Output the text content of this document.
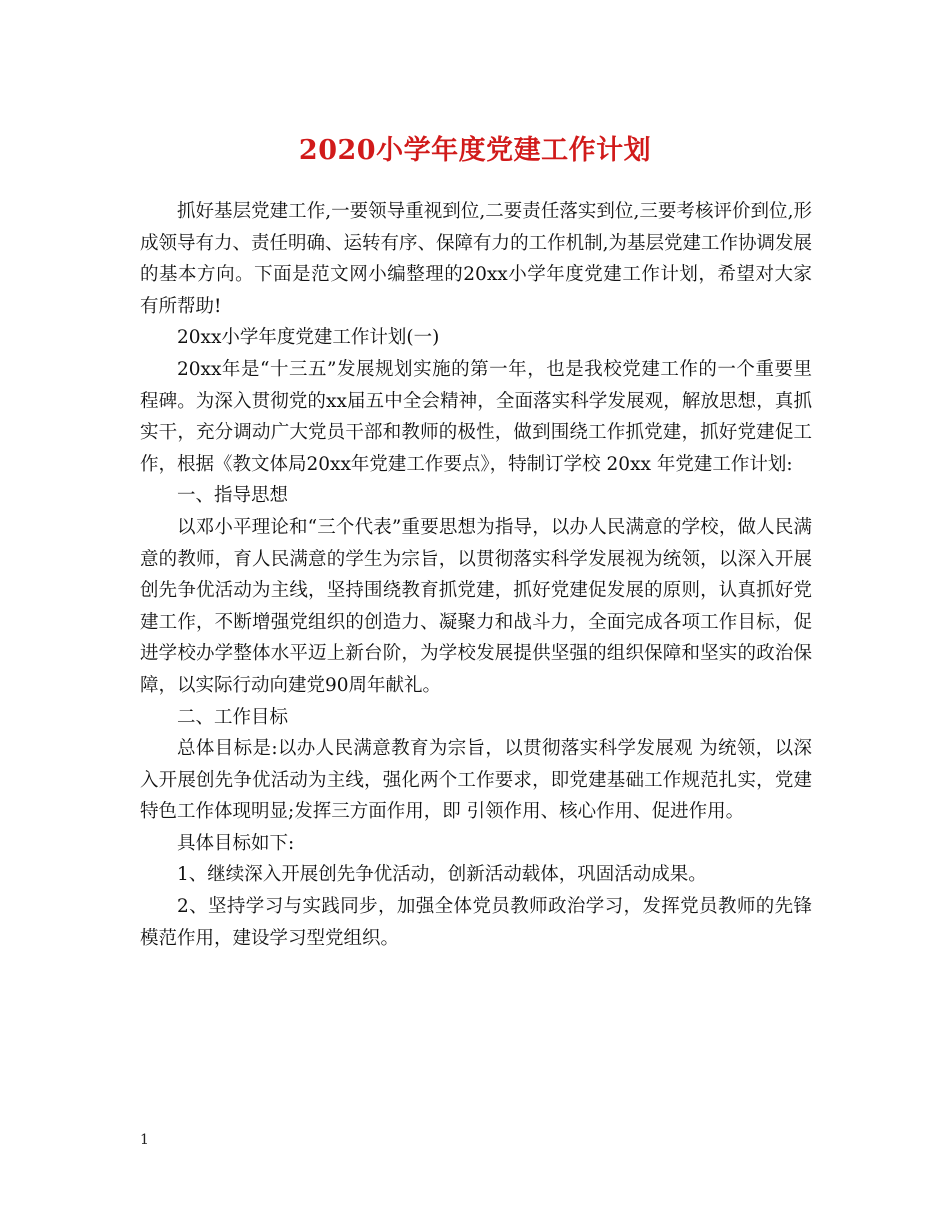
2020小学年度党建工作计划

抓好基层党建工作,一要领导重视到位,二要责任落实到位,三要考核评价到位,形成领导有力、责任明确、运转有序、保障有力的工作机制,为基层党建工作协调发展的基本方向。下面是范文网小编整理的20xx小学年度党建工作计划，希望对大家有所帮助!

20xx小学年度党建工作计划(一)

20xx年是“十三五”发展规划实施的第一年，也是我校党建工作的一个重要里程碑。为深入贯彻党的xx届五中全会精神，全面落实科学发展观，解放思想，真抓实干，充分调动广大党员干部和教师的极性，做到围绕工作抓党建，抓好党建促工作，根据《教文体局20xx年党建工作要点》，特制订学校 20xx 年党建工作计划:

一、指导思想

以邓小平理论和“三个代表”重要思想为指导，以办人民满意的学校，做人民满意的教师，育人民满意的学生为宗旨，以贯彻落实科学发展视为统领，以深入开展创先争优活动为主线，坚持围绕教育抓党建，抓好党建促发展的原则，认真抓好党建工作，不断增强党组织的创造力、凝聚力和战斗力，全面完成各项工作目标，促进学校办学整体水平迈上新台阶，为学校发展提供坚强的组织保障和坚实的政治保障，以实际行动向建党90周年献礼。

二、工作目标

总体目标是:以办人民满意教育为宗旨，以贯彻落实科学发展观 为统领，以深入开展创先争优活动为主线，强化两个工作要求，即党建基础工作规范扎实，党建特色工作体现明显;发挥三方面作用，即 引领作用、核心作用、促进作用。

具体目标如下:

1、继续深入开展创先争优活动，创新活动载体，巩固活动成果。

2、坚持学习与实践同步，加强全体党员教师政治学习，发挥党员教师的先锋模范作用，建设学习型党组织。

1
